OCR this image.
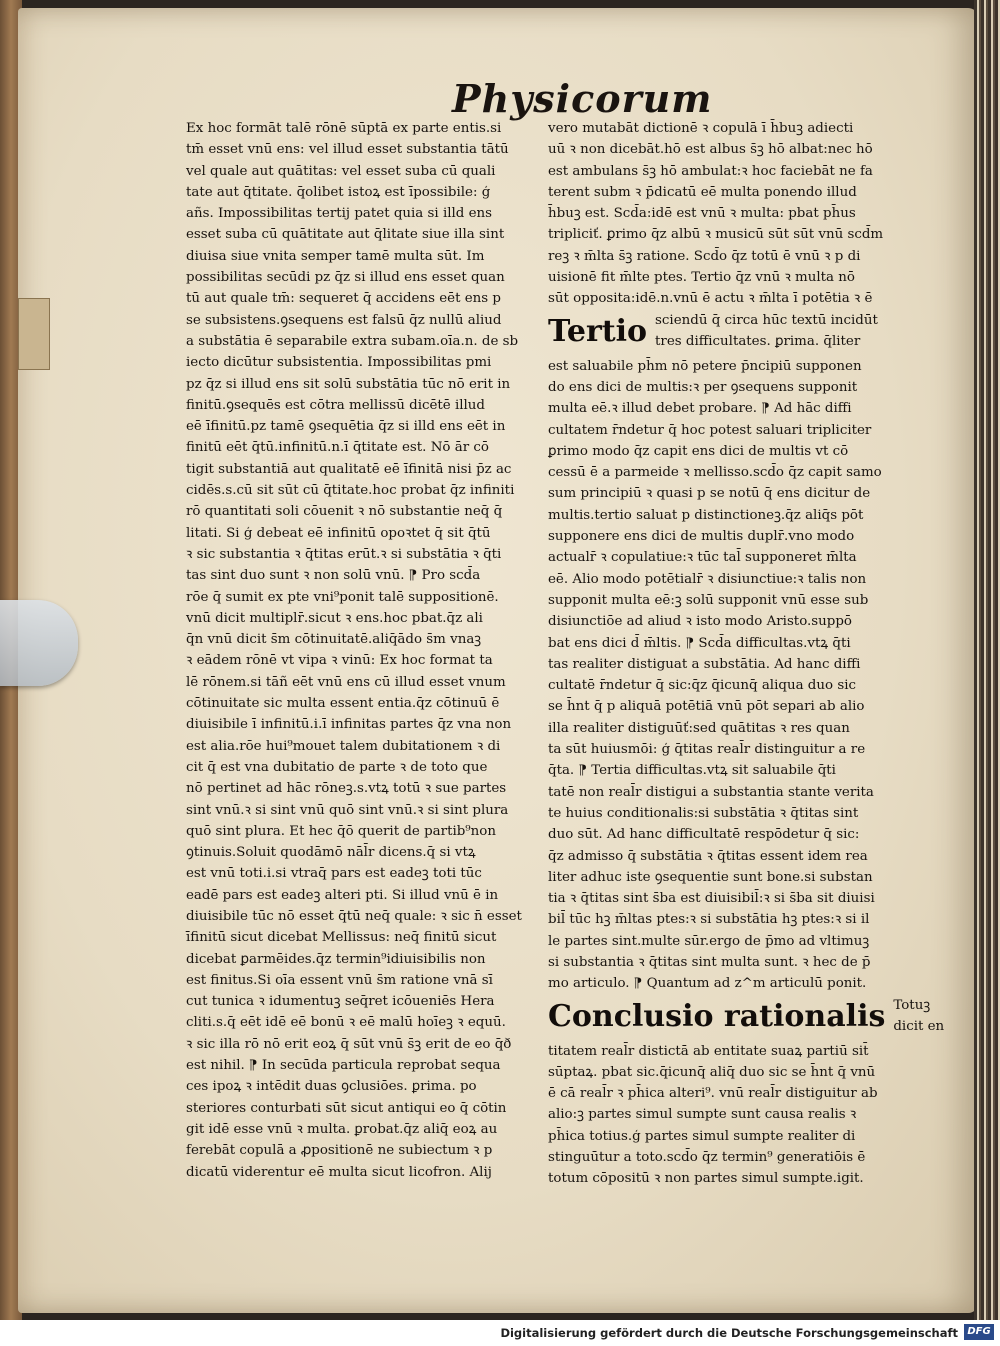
Physicorum
Ex hoc formāt talē rōnē sūptā ex parte entis.si
tm̄ esset vnū ens: vel illud esset substantia tātū
vel quale aut quātitas: vel esset suba cū quali
tate aut q̄titate. q̄olibet istoꝝ est īpossibile: ģ
añs. Impossibilitas tertij patet quia si illd ens
esset suba cū quātitate aut q̄litate siue illa sint
diuisa siue vnita semper tamē multa sūt. Im
possibilitas secūdi pz q̄z si illud ens esset quan
tū aut quale tm̄: sequeret q̄ accidens eēt ens p
se subsistens.ꝯsequens est falsū q̄z nullū aliud
a substātia ē separabile extra subam.oīa.n. de sb
iecto dicūtur subsistentia. Impossibilitas pmi
pz q̄z si illud ens sit solū substātia tūc nō erit in
finitū.ꝯsequēs est cōtra mellissū dicētē illud
eē īfinitū.pz tamē ꝯsequētia q̄z si illd ens eēt in
finitū eēt q̄tū.infinitū.n.ī q̄titate est. Nō ār cō
tigit substantiā aut qualitatē eē īfinitā nisi p̄z ac
cidēs.s.cū sit sūt cū q̄titate.hoc probat q̄z infiniti
rō quantitati soli cōuenit ꝛ nō substantie neq̄ q̄
litati. Si ģ debeat eē infinitū opoꝛtet q̄ sit q̄tū
ꝛ sic substantia ꝛ q̄titas erūt.ꝛ si substātia ꝛ q̄ti
tas sint duo sunt ꝛ non solū vnū. ⁋ Pro scd̄a
rōe q̄ sumit ex pte vni⁹ponit talē suppositionē.
vnū dicit multiplr̄.sicut ꝛ ens.hoc pbat.q̄z ali
q̄n vnū dicit s̄m cōtinuitatē.aliq̄ādo s̄m vnaꝫ
ꝛ eādem rōnē vt vipa ꝛ vinū: Ex hoc format ta
lē rōnem.si tāñ eēt vnū ens cū illud esset vnum
cōtinuitate sic multa essent entia.q̄z cōtinuū ē
diuisibile ī infinitū.i.ī infinitas partes q̄z vna non
est alia.rōe hui⁹mouet talem dubitationem ꝛ di
cit q̄ est vna dubitatio de parte ꝛ de toto que
nō pertinet ad hāc rōneꝫ.s.vtꝝ totū ꝛ sue partes
sint vnū.ꝛ si sint vnū quō sint vnū.ꝛ si sint plura
quō sint plura. Et hec q̄ō querit de partib⁹non
ꝯtinuis.Soluit quodāmō nāl̄r dicens.q̄ si vtꝝ
est vnū toti.i.si vtraq̄ pars est eadeꝫ toti tūc
eadē pars est eadeꝫ alteri pti. Si illud vnū ē in
diuisibile tūc nō esset q̄tū neq̄ quale: ꝛ sic n̄ esset
īfinitū sicut dicebat Mellissus: neq̄ finitū sicut
dicebat ꝑarmēides.q̄z termin⁹idiuisibilis non
est finitus.Si oīa essent vnū s̄m ratione vnā sī
cut tunica ꝛ idumentuꝫ seq̄ret icōueniēs Hera
cliti.s.q̄ eēt idē eē bonū ꝛ eē malū hoīeꝫ ꝛ equū.
ꝛ sic illa rō nō erit eoꝝ q̄ sūt vnū s̄ꝫ erit de eo q̄ð
est nihil. ⁋ In secūda particula reprobat sequa
ces ipoꝝ ꝛ intēdit duas ꝯclusiōes. ꝑrima. po
steriores conturbati sūt sicut antiqui eo q̄ cōtin
git idē esse vnū ꝛ multa. ꝑrobat.q̄z aliq̄ eoꝝ au
ferebāt copulā a ꝓpositionē ne subiectum ꝛ p
dicatū viderentur eē multa sicut licofron. Alij
vero mutabāt dictionē ꝛ copulā ī h̄buꝫ adiecti
uū ꝛ non dicebāt.hō est albus s̄ꝫ hō albat:nec hō
est ambulans s̄ꝫ hō ambulat:ꝛ hoc faciebāt ne fa
terent subm ꝛ p̄dicatū eē multa ponendo illud
h̄buꝫ est. Scd̄a:idē est vnū ꝛ multa: pbat ph̄us
tripliciť. ꝑrimo q̄z albū ꝛ musicū sūt sūt vnū scd̄m
reꝫ ꝛ m̄lta s̄ꝫ ratione. Scd̄o q̄z totū ē vnū ꝛ p di
uisionē fit m̄lte ptes. Tertio q̄z vnū ꝛ multa nō
sūt opposita:idē.n.vnū ē actu ꝛ m̄lta ī potētia ꝛ ē
Tertio sciendū q̄ circa hūc textū incidūt
tres difficultates. ꝑrima. q̄liter
est saluabile ph̄m nō petere p̄ncipiū supponen
do ens dici de multis:ꝛ per ꝯsequens supponit
multa eē.ꝛ illud debet probare. ⁋ Ad hāc diffi
cultatem r̄ndetur q̄ hoc potest saluari tripliciter
ꝑrimo modo q̄z capit ens dici de multis vt cō
cessū ē a parmeide ꝛ mellisso.scd̄o q̄z capit samo
sum principiū ꝛ quasi p se notū q̄ ens dicitur de
multis.tertio saluat p distinctioneꝫ.q̄z aliq̄s pōt
supponere ens dici de multis duplr̄.vno modo
actualr̄ ꝛ copulatiue:ꝛ tūc tal̄ supponeret m̄lta
eē. Alio modo potētialr̄ ꝛ disiunctiue:ꝛ talis non
supponit multa eē:ꝫ solū supponit vnū esse sub
disiunctiōe ad aliud ꝛ isto modo Aristo.suppō
bat ens dici d̄ m̄ltis. ⁋ Scd̄a difficultas.vtꝝ q̄ti
tas realiter distiguat a substātia. Ad hanc diffi
cultatē r̄ndetur q̄ sic:q̄z q̄icunq̄ aliqua duo sic
se h̄nt q̄ p aliquā potētiā vnū pōt separi ab alio
illa realiter distiguūť:sed quātitas ꝛ res quan
ta sūt huiusmōi: ģ q̄titas real̄r distinguitur a re
q̄ta. ⁋ Tertia difficultas.vtꝝ sit saluabile q̄ti
tatē non real̄r distigui a substantia stante verita
te huius conditionalis:si substātia ꝛ q̄titas sint
duo sūt. Ad hanc difficultatē respōdetur q̄ sic:
q̄z admisso q̄ substātia ꝛ q̄titas essent idem rea
liter adhuc iste ꝯsequentie sunt bone.si substan
tia ꝛ q̄titas sint s̄ba est diuisibil̄:ꝛ si s̄ba sit diuisi
bil̄ tūc hꝫ m̄ltas ptes:ꝛ si substātia hꝫ ptes:ꝛ si il
le partes sint.multe sūr.ergo de p̄mo ad vltimuꝫ
si substantia ꝛ q̄titas sint multa sunt. ꝛ hec de p̄
mo articulo. ⁋ Quantum ad z^m articulū ponit.
Conclusio rationalis Totuꝫ
dicit en
titatem real̄r distictā ab entitate suaꝝ partiū sit̄
sūptaꝝ. pbat sic.q̄icunq̄ aliq̄ duo sic se h̄nt q̄ vnū
ē cā real̄r ꝛ ph̄ica alteri⁹. vnū real̄r distiguitur ab
alio:ꝫ partes simul sumpte sunt causa realis ꝛ
ph̄ica totius.ģ partes simul sumpte realiter di
stinguūtur a toto.scd̄o q̄z termin⁹ generatiōis ē
totum cōpositū ꝛ non partes simul sumpte.igit.
Digitalisierung gefördert durch die Deutsche Forschungsgemeinschaft DFG
